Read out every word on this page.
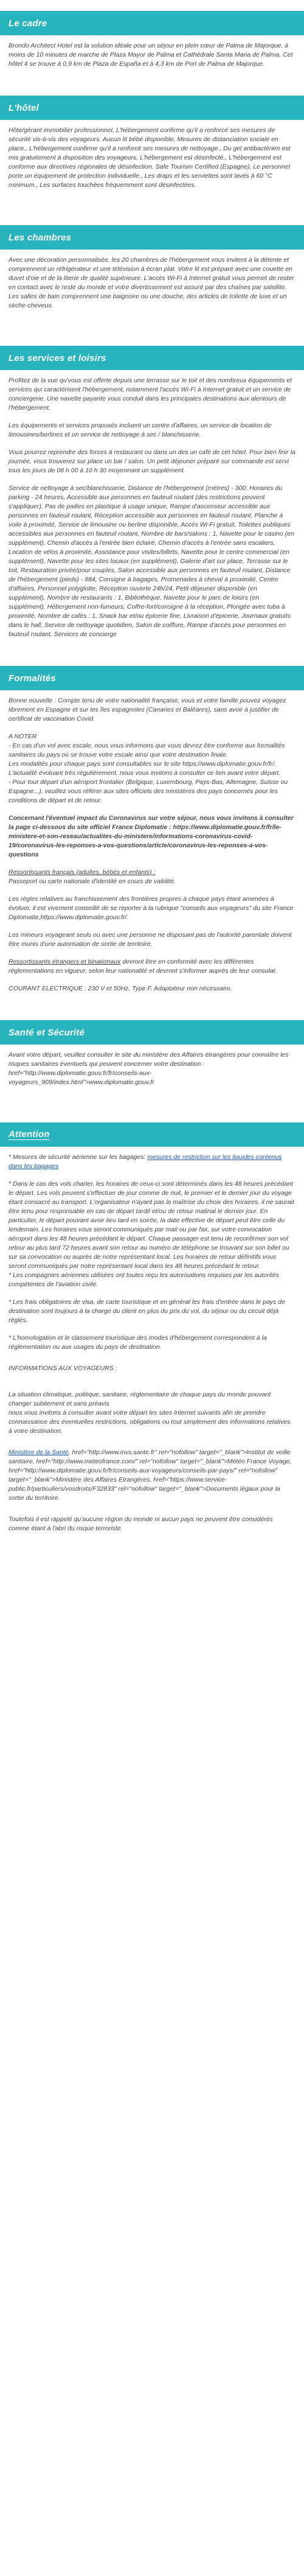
Le cadre

Brondo Architect Hotel est la solution idéale pour un séjour en plein cœur de Palma de Majorque, à moins de 10 minutes de marche de Plaza Mayor de Palma et Cathédrale Santa Maria de Palma. Cet hôtel 4 se trouve à 0,9 km de Plaza de España et à 4,3 km de Port de Palma de Majorque.

L'hôtel

Hôte/gérant immobilier professionnel, L'hébergement confirme qu'il a renforcé ses mesures de sécurité vis-à-vis des voyageurs. Aucun lit bébé disponible, Mesures de distanciation sociale en place., L'hébergement confirme qu'il a renforcé ses mesures de nettoyage., Du gel antibactérien est mis gratuitement à disposition des voyageurs, L'hébergement est désinfecté., L'hébergement est conforme aux directives régionales de désinfection. Safe Tourism Certified (Espagne), Le personnel porte un équipement de protection individuelle., Les draps et les serviettes sont lavés à 60 °C minimum., Les surfaces touchées fréquemment sont désinfectées.

Les chambres

Avec une décoration personnalisée, les 20 chambres de l'hébergement vous invitent à la détente et comprennent un réfrigérateur et une télévision à écran plat. Votre lit est préparé avec une couette en duvet d'oie et de la literie de qualité supérieure. L'accès Wi-Fi à Internet gratuit vous permet de rester en contact avec le reste du monde et votre divertissement est assuré par des chaînes par satellite. Les salles de bain comprennent une baignoire ou une douche, des articles de toilette de luxe et un sèche-cheveux.

Les services et loisirs

Profitez de la vue qu'vous est offerte depuis une terrasse sur le toit et des nombreux équipements et services qui caractérisent l'hébergement, notamment l'accès Wi-Fi à Internet gratuit et un service de conciergerie. Une navette payante vous conduit dans les principales destinations aux alentours de l'hébergement.

Les équipements et services proposés incluent un centre d'affaires, un service de location de limousines/berlines et un service de nettoyage à sec / blanchisserie.

Vous pourrez reprendre des forces à restaurant ou dans un des un café de cet hôtel. Pour bien finir la journée, vous trouverez sur place un bar / salon. Un petit déjeuner préparé sur commande est servi tous les jours de 08 h 00 à 10 h 30 moyennant un supplément.

Service de nettoyage à sec/blanchisserie, Distance de l'hébergement (mètres) - 300, Horaires du parking - 24 heures, Accessible aux personnes en fauteuil roulant (des restrictions peuvent s'appliquer), Pas de pailles en plastique à usage unique, Rampe d'ascenseur accessible aux personnes en fauteuil roulant, Réception accessible aux personnes en fauteuil roulant, Planche à voile à proximité, Service de limousine ou berline disponible, Accès Wi-Fi gratuit, Toilettes publiques accessibles aux personnes en fauteuil roulant, Nombre de bars/salons : 1, Navette pour le casino (en supplément), Chemin d'accès à l'entrée bien éclairé, Chemin d'accès à l'entrée sans escaliers, Location de vélos à proximité, Assistance pour visites/billets, Navette pour le centre commercial (en supplément), Navette pour les sites locaux (en supplément), Galerie d'art sur place, Terrasse sur le toit, Restauration privée/pour couples, Salon accessible aux personnes en fauteuil roulant, Distance de l'hébergement (pieds) - 984, Consigne à bagages, Promenades à cheval à proximité, Centre d'affaires, Personnel polyglotte, Réception ouverte 24h/24, Petit-déjeuner disponible (en supplément), Nombre de restaurants : 1, Bibliothèque, Navette pour le parc de loisirs (en supplément), Hébergement non-fumeurs, Coffre-fort/consigne à la réception, Plongée avec tuba à proximité, Nombre de cafés : 1, Snack bar et/ou épicerie fine, Livraison d'épicerie, Journaux gratuits dans le hall, Service de nettoyage quotidien, Salon de coiffure, Rampe d'accès pour personnes en fauteuil roulant, Services de concierge

Formalités

Bonne nouvelle : Compte tenu de votre nationalité française, vous et votre famille pouvez voyagez librement en Espagne et sur les îles espagnoles (Canaries et Baléares), sans avoir à justifier de certificat de vaccination Covid.

A NOTER
- En cas d'un vol avec escale, nous vous informons que vous devrez être conforme aux formalités sanitaires du pays où se trouve votre escale ainsi que votre destination finale.
Les modalités pour chaque pays sont consultables sur le site https://www.diplomatie.gouv.fr/fr/. L'actualité évoluant très régulièrement, nous vous invitons à consulter ce lien avant votre départ.
- Pour tout départ d'un aéroport frontalier (Belgique, Luxembourg, Pays-Bas, Allemagne, Suisse ou Espagne...), veuillez vous référer aux sites officiels des ministères des pays concernés pour les conditions de départ et de retour.

Concernant l'éventuel impact du Coronavirus sur votre séjour, nous vous invitons à consulter la page ci-dessous du site officiel France Diplomatie : https://www.diplomatie.gouv.fr/fr/le-ministere-et-son-reseau/actualites-du-ministere/informations-coronavirus-covid-19/coronavirus-les-reponses-a-vos-questions/article/coronavirus-les-reponses-a-vos-questions

Ressortissants français (adultes, bébés et enfants) :
Passeport ou carte nationale d'identité en cours de validité.

Les règles relatives au franchissement des frontières propres à chaque pays étant amenées à évoluer, il est vivement conseillé de se reporter à la rubrique "conseils aux voyageurs" du site France Diplomatie,https://www.diplomatie.gouv.fr/.

Les mineurs voyageant seuls ou avec une personne ne disposant pas de l'autorité parentale doivent être munis d'une autorisation de sortie de territoire.

Ressortissants étrangers et binationaux devront être en conformité avec les différentes réglementations en vigueur, selon leur nationalité et devront s'informer auprès de leur consulat.

COURANT ELECTRIQUE : 230 V et 50Hz, Type F. Adaptateur non nécessaire.

Santé et Sécurité

Avant votre départ, veuillez consulter le site du ministère des Affaires étrangères pour connaître les risques sanitaires éventuels qui peuvent concerner votre destination : href="http://www.diplomatie.gouv.fr/fr/conseils-aux-voyageurs_909/index.html">www.diplomatie.gouv.fr

Attention

* Mesures de sécurité aérienne sur les bagages: mesures de restriction sur les liquides contenus dans les bagages

* Dans le cas des vols charter, les horaires de ceux-ci sont déterminés dans les 48 heures précédant le départ. Les vols peuvent s'effectuer de jour comme de nuit, le premier et le dernier jour du voyage étant consacré au transport. L'organisateur n'ayant pas la maîtrise du choix des horaires, il ne saurait être tenu pour responsable en cas de départ tardif et/ou de retour matinal le dernier jour. En particulier, le départ pouvant avoir lieu tard en soirée, la date effective de départ peut être celle du lendemain. Les horaires vous seront communiqués par mail ou par fax, sur votre convocation aéroport dans les 48 heures précédant le départ. Chaque passager est tenu de reconfirmer son vol retour au plus tard 72 heures avant son retour au numéro de téléphone se trouvant sur son billet ou sur sa convocation ou auprès de notre représentant local. Les horaires de retour définitifs vous seront communiqués par notre représentant local dans les 48 heures précédant le retour.
* Les compagnies aériennes utilisées ont toutes reçu les autorisations requises par les autorités compétentes de l'aviation civile.

* Les frais obligatoires de visa, de carte touristique et en général les frais d'entrée dans le pays de destination sont toujours à la charge du client en plus du prix du vol, du séjour ou du circuit déjà réglés.

* L'homologation et le classement touristique des modes d'hébergement correspondent à la réglementation ou aux usages du pays de destination.

INFORMATIONS AUX VOYAGEURS :

La situation climatique, politique, sanitaire, réglementaire de chaque pays du monde pouvant changer subitement et sans préavis
nous vous invitons à consulter avant votre départ les sites Internet suivants afin de prendre connaissance des éventuelles restrictions, obligations ou tout simplement des informations relatives à votre destination.

Ministère de la Santé, href="http://www.invs.sante.fr" rel="nofollow" target="_blank">Institut de veille sanitaire, href="http://www.meteofrance.com/" rel="nofollow" target="_blank">Météo France Voyage, href="http://www.diplomatie.gouv.fr/fr/conseils-aux-voyageurs/conseils-par-pays/" rel="nofollow" target="_blank">Ministère des Affaires Etrangères, href="https://www.service-public.fr/particuliers/vosdroits/F32833" rel="nofollow" target="_blank">Documents légaux pour la sortie du territoire.

Toutefois il est rappelé qu'aucune région du monde ni aucun pays ne peuvent être considérés comme étant à l'abri du risque terroriste.
